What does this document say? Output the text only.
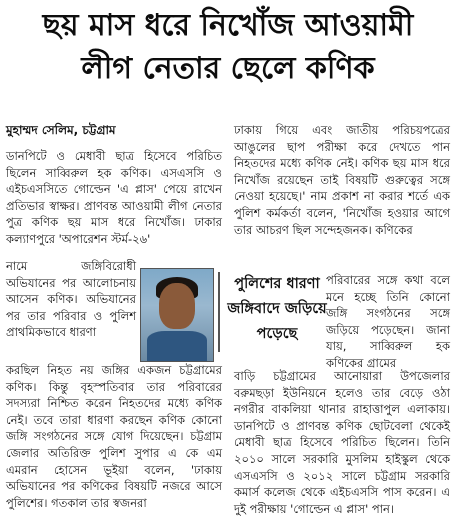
ছয় মাস ধরে নিখোঁজ আওয়ামী
লীগ নেতার ছেলে কণিক
মুহাম্মদ সেলিম, চট্টগ্রাম

ডানপিটে ও মেধাবী ছাত্র হিসেবে পরিচিত ছিলেন সাব্বিরুল হক কণিক। এসএসসি ও এইচএসসিতে গোল্ডেন 'এ প্লাস' পেয়ে রাখেন প্রতিভার স্বাক্ষর। প্রাণবন্ত আওয়ামী লীগ নেতার পুত্র কণিক ছয় মাস ধরে নিখোঁজ। ঢাকার কল্যাণপুরে 'অপারেশন স্টর্ম-২৬'

নামে জঙ্গিবিরোধী অভিযানের পর আলোচনায় আসেন কণিক। অভিযানের পর তার পরিবার ও পুলিশ প্রাথমিকভাবে ধারণা

করছিল নিহত নয় জঙ্গির একজন চট্টগ্রামের কণিক। কিন্তু বৃহস্পতিবার তার পরিবারের সদস্যরা নিশ্চিত করেন নিহতদের মধ্যে কণিক নেই। তবে তারা ধারণা করছেন কণিক কোনো জঙ্গি সংগঠনের সঙ্গে যোগ দিয়েছেন। চট্টগ্রাম জেলার অতিরিক্ত পুলিশ সুপার এ কে এম এমরান হোসেন ভূইয়া বলেন, 'ঢাকায় অভিযানের পর কণিকের বিষয়টি নজরে আসে পুলিশের। গতকাল তার স্বজনরা

ঢাকায় গিয়ে এবং জাতীয় পরিচয়পত্রের আঙুলের ছাপ পরীক্ষা করে দেখতে পান নিহতদের মধ্যে কণিক নেই। কণিক ছয় মাস ধরে নিখোঁজ রয়েছেন তাই বিষয়টি গুরুত্বের সঙ্গে নেওয়া হয়েছে।' নাম প্রকাশ না করার শর্তে এক পুলিশ কর্মকর্তা বলেন, 'নিখোঁজ হওয়ার আগে তার আচরণ ছিল সন্দেহজনক। কণিকের

পুলিশের ধারণা জঙ্গিবাদে জড়িয়ে পড়েছে

পরিবারের সঙ্গে কথা বলে মনে হচ্ছে তিনি কোনো জঙ্গি সংগঠনের সঙ্গে জড়িয়ে পড়েছেন। জানা যায়, সাব্বিরুল হক কণিকের গ্রামের

বাড়ি চট্টগ্রামের আনোয়ারা উপজেলার বরুমছড়া ইউনিয়নে হলেও তার বেড়ে ওঠা নগরীর বাকলিয়া থানার রাহাত্তাপুল এলাকায়। ডানপিটে ও প্রাণবন্ত কণিক ছোটবেলা থেকেই মেধাবী ছাত্র হিসেবে পরিচিত ছিলেন। তিনি ২০১০ সালে সরকারি মুসলিম হাইস্কুল থেকে এসএসসি ও ২০১২ সালে চট্টগ্রাম সরকারি কমার্স কলেজ থেকে এইচএসসি পাস করেন। এ দুই পরীক্ষায় 'গোল্ডেন এ প্লাস' পান।
